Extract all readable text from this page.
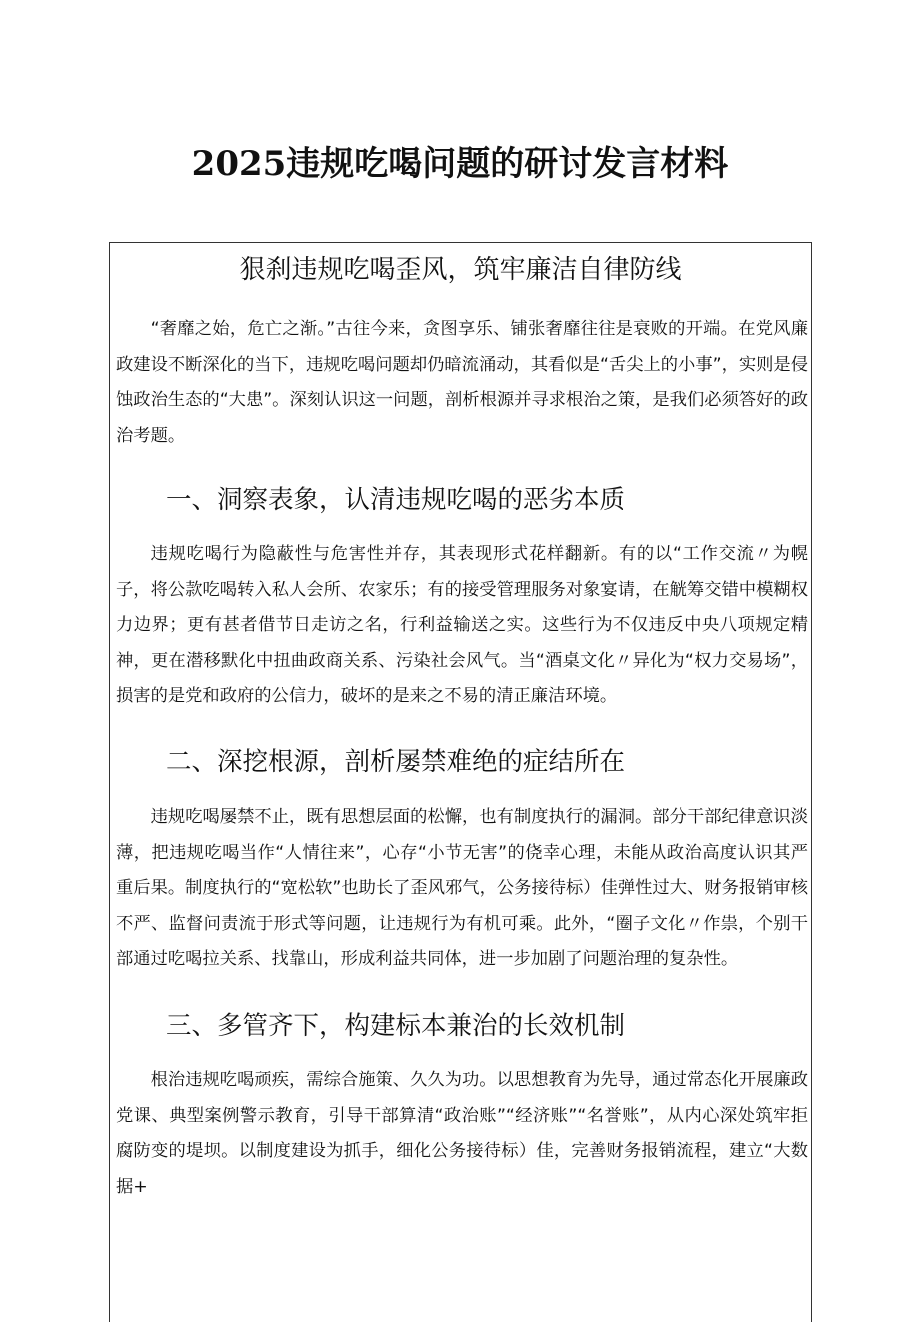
2025违规吃喝问题的研讨发言材料
狠刹违规吃喝歪风，筑牢廉洁自律防线

“奢靡之始，危亡之渐。”古往今来，贪图享乐、铺张奢靡往往是衰败的开端。在党风廉政建设不断深化的当下，违规吃喝问题却仍暗流涌动，其看似是“舌尖上的小事”，实则是侵蚀政治生态的“大患”。深刻认识这一问题，剖析根源并寻求根治之策，是我们必须答好的政治考题。

一、洞察表象，认清违规吃喝的恶劣本质

违规吃喝行为隐蔽性与危害性并存，其表现形式花样翻新。有的以“工作交流〃为幌子，将公款吃喝转入私人会所、农家乐；有的接受管理服务对象宴请，在觥筹交错中模糊权力边界；更有甚者借节日走访之名，行利益输送之实。这些行为不仅违反中央八项规定精神，更在潜移默化中扭曲政商关系、污染社会风气。当“酒桌文化〃异化为“权力交易场”，损害的是党和政府的公信力，破坏的是来之不易的清正廉洁环境。

二、深挖根源，剖析屡禁难绝的症结所在

违规吃喝屡禁不止，既有思想层面的松懈，也有制度执行的漏洞。部分干部纪律意识淡薄，把违规吃喝当作“人情往来”，心存“小节无害”的侥幸心理，未能从政治高度认识其严重后果。制度执行的“宽松软”也助长了歪风邪气，公务接待标）佳弹性过大、财务报销审核不严、监督问责流于形式等问题，让违规行为有机可乘。此外，“圈子文化〃作祟，个别干部通过吃喝拉关系、找靠山，形成利益共同体，进一步加剧了问题治理的复杂性。

三、多管齐下，构建标本兼治的长效机制

根治违规吃喝顽疾，需综合施策、久久为功。以思想教育为先导，通过常态化开展廉政党课、典型案例警示教育，引导干部算清“政治账”“经济账”“名誉账”，从内心深处筑牢拒腐防变的堤坝。以制度建设为抓手，细化公务接待标）佳，完善财务报销流程，建立“大数据+
